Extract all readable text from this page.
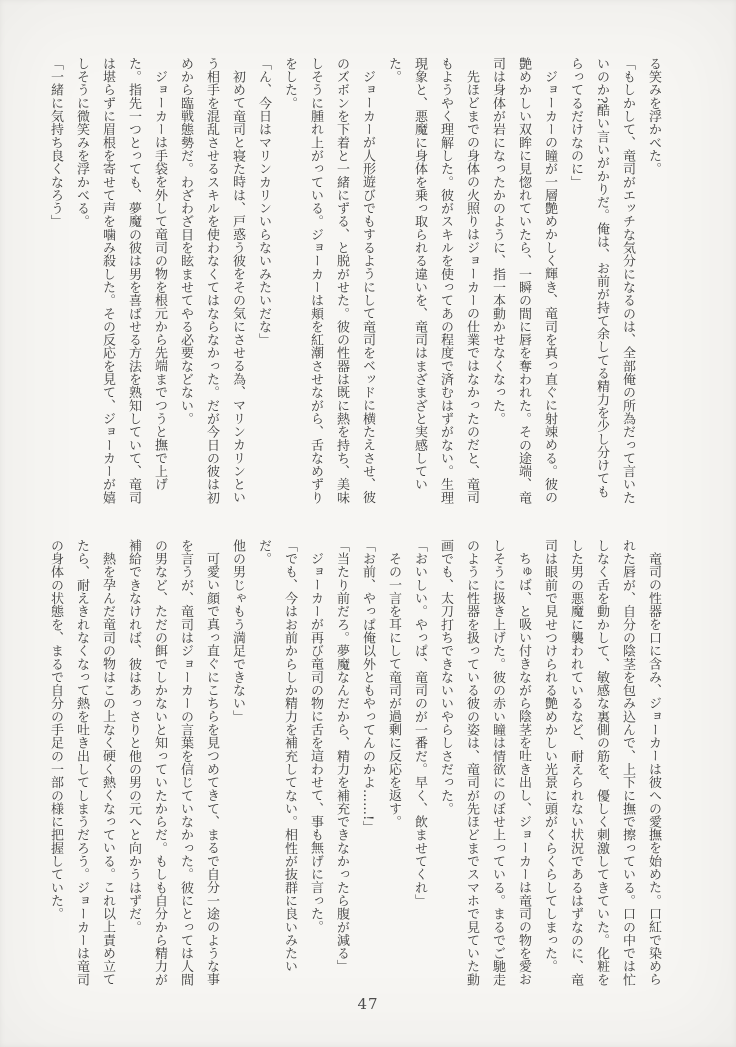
る笑みを浮かべた。
「もしかして、竜司がエッチな気分になるのは、全部俺の所為だって言いた
いのか?酷い言いがかりだ。俺は、お前が持て余してる精力を少し分けても
らってるだけなのに」
ジョーカーの瞳が一層艶めかしく輝き、竜司を真っ直ぐに射竦める。彼の
艶めかしい双眸に見惚れていたら、一瞬の間に唇を奪われた。その途端、竜
司は身体が岩になったかのように、指一本動かせなくなった。
先ほどまでの身体の火照りはジョーカーの仕業ではなかったのだと、竜司
もようやく理解した。彼がスキルを使ってあの程度で済むはずがない。生理
現象と、悪魔に身体を乗っ取られる違いを、竜司はまざまざと実感していた。
ジョーカーが人形遊びでもするようにして竜司をベッドに横たえさせ、彼
のズボンを下着と一緒にずる、と脱がせた。彼の性器は既に熱を持ち、美味
しそうに腫れ上がっている。ジョーカーは頬を紅潮させながら、舌なめずり
をした。
「ん、今日はマリンカリンいらないみたいだな」
初めて竜司と寝た時は、戸惑う彼をその気にさせる為、マリンカリンとい
う相手を混乱させるスキルを使わなくてはならなかった。だが今日の彼は初
めから臨戦態勢だ。わざわざ目を眩ませてやる必要などない。
ジョーカーは手袋を外して竜司の物を根元から先端までつうと撫で上げ
た。指先一つとっても、夢魔の彼は男を喜ばせる方法を熟知していて、竜司
は堪らずに眉根を寄せて声を噛み殺した。その反応を見て、ジョーカーが嬉
しそうに微笑みを浮かべる。
「一緒に気持ち良くなろう」
竜司の性器を口に含み、ジョーカーは彼への愛撫を始めた。口紅で染めら
れた唇が、自分の陰茎を包み込んで、上下に撫で擦っている。口の中では忙
しなく舌を動かして、敏感な裏側の筋を、優しく刺激してきていた。化粧を
した男の悪魔に襲われているなど、耐えられない状況であるはずなのに、竜
司は眼前で見せつけられる艶めかしい光景に頭がくらくらしてしまった。
ちゅば、と吸い付きながら陰茎を吐き出し、ジョーカーは竜司の物を愛お
しそうに扱き上げた。彼の赤い瞳は情欲にのぼせ上っている。まるでご馳走
のように性器を扱っている彼の姿は、竜司が先ほどまでスマホで見ていた動
画でも、太刀打ちできないいやらしさだった。
「おいしい。やっぱ、竜司のが一番だ。早く、飲ませてくれ」
その一言を耳にして竜司が過剰に反応を返す。
「お前、やっぱ俺以外ともやってんのかよ……!」
「当たり前だろ。夢魔なんだから、精力を補充できなかったら腹が減る」
ジョーカーが再び竜司の物に舌を這わせて、事も無げに言った。
「でも、今はお前からしか精力を補充してない。相性が抜群に良いみたいだ。
他の男じゃもう満足できない」
可愛い顔で真っ直ぐにこちらを見つめてきて、まるで自分一途のような事
を言うが、竜司はジョーカーの言葉を信じていなかった。彼にとっては人間
の男など、ただの餌でしかないと知っていたからだ。もしも自分から精力が
補給できなければ、彼はあっさりと他の男の元へと向かうはずだ。
熱を孕んだ竜司の物はこの上なく硬く熱くなっている。これ以上責め立て
たら、耐えきれなくなって熱を吐き出してしまうだろう。ジョーカーは竜司
の身体の状態を、まるで自分の手足の一部の様に把握していた。
47
